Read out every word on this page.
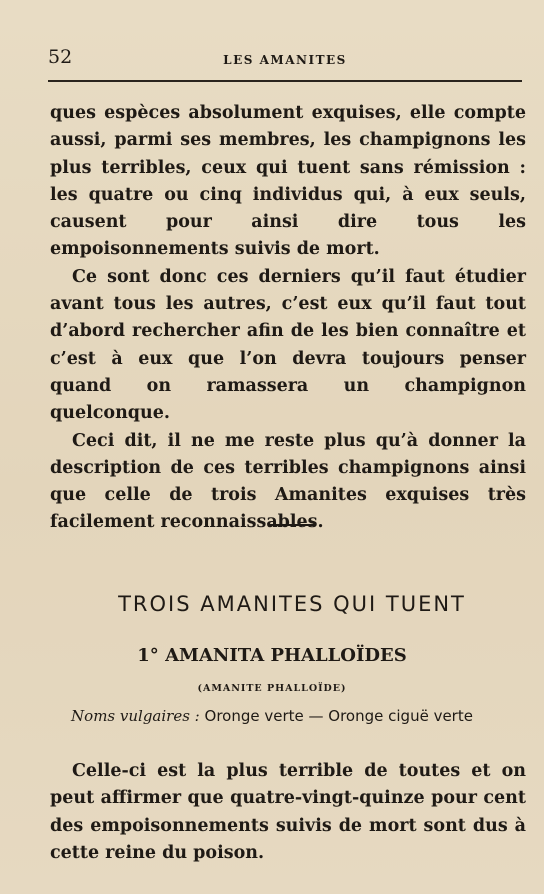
52	LES AMANITES

ques espèces absolument exquises, elle compte aussi, parmi ses membres, les champignons les plus terribles, ceux qui tuent sans rémission : les quatre ou cinq individus qui, à eux seuls, causent pour ainsi dire tous les empoisonnements suivis de mort.

Ce sont donc ces derniers qu’il faut étudier avant tous les autres, c’est eux qu’il faut tout d’abord rechercher afin de les bien connaître et c’est à eux que l’on devra toujours penser quand on ramassera un champignon quelconque.

Ceci dit, il ne me reste plus qu’à donner la description de ces terribles champignons ainsi que celle de trois Amanites exquises très facilement reconnaissables.

TROIS AMANITES QUI TUENT
1° AMANITA PHALLOÏDES
(AMANITE PHALLOÏDE)
Noms vulgaires : Oronge verte — Oronge ciguë verte

Celle-ci est la plus terrible de toutes et on peut affirmer que quatre-vingt-quinze pour cent des empoisonnements suivis de mort sont dus à cette reine du poison.
